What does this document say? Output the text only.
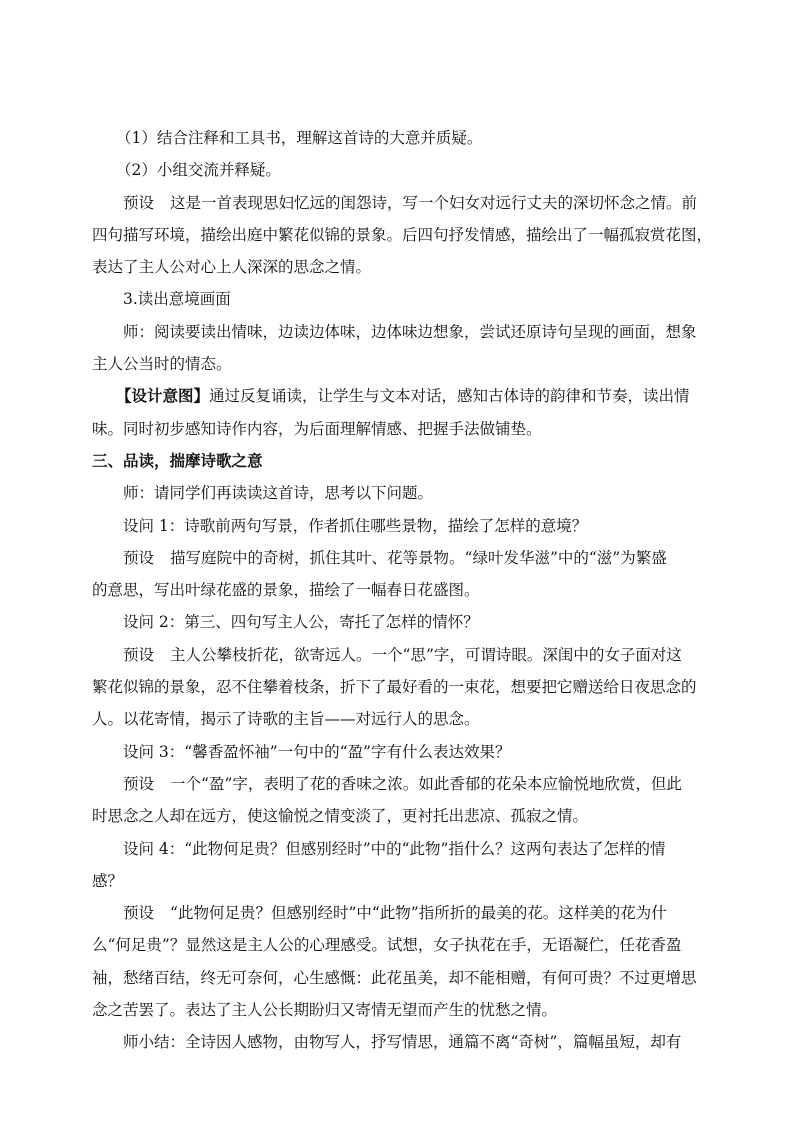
（1）结合注释和工具书，理解这首诗的大意并质疑。

（2）小组交流并释疑。

预设 这是一首表现思妇忆远的闺怨诗，写一个妇女对远行丈夫的深切怀念之情。前

四句描写环境，描绘出庭中繁花似锦的景象。后四句抒发情感，描绘出了一幅孤寂赏花图，

表达了主人公对心上人深深的思念之情。

3.读出意境画面

师：阅读要读出情味，边读边体味，边体味边想象，尝试还原诗句呈现的画面，想象

主人公当时的情态。

【设计意图】通过反复诵读，让学生与文本对话，感知古体诗的韵律和节奏，读出情

味。同时初步感知诗作内容，为后面理解情感、把握手法做铺垫。

三、品读，揣摩诗歌之意

师：请同学们再读读这首诗，思考以下问题。

设问 1：诗歌前两句写景，作者抓住哪些景物，描绘了怎样的意境？

预设 描写庭院中的奇树，抓住其叶、花等景物。“绿叶发华滋”中的“滋”为繁盛

的意思，写出叶绿花盛的景象，描绘了一幅春日花盛图。

设问 2：第三、四句写主人公，寄托了怎样的情怀？

预设 主人公攀枝折花，欲寄远人。一个“思”字，可谓诗眼。深闺中的女子面对这

繁花似锦的景象，忍不住攀着枝条，折下了最好看的一束花，想要把它赠送给日夜思念的

人。以花寄情，揭示了诗歌的主旨——对远行人的思念。

设问 3：“馨香盈怀袖”一句中的“盈”字有什么表达效果？

预设 一个“盈”字，表明了花的香味之浓。如此香郁的花朵本应愉悦地欣赏，但此

时思念之人却在远方，使这愉悦之情变淡了，更衬托出悲凉、孤寂之情。

设问 4：“此物何足贵？但感别经时”中的“此物”指什么？这两句表达了怎样的情

感？

预设 “此物何足贵？但感别经时”中“此物”指所折的最美的花。这样美的花为什

么“何足贵”？显然这是主人公的心理感受。试想，女子执花在手，无语凝伫，任花香盈

袖，愁绪百结，终无可奈何，心生感慨：此花虽美，却不能相赠，有何可贵？不过更增思

念之苦罢了。表达了主人公长期盼归又寄情无望而产生的忧愁之情。

师小结：全诗因人感物，由物写人，抒写情思，通篇不离“奇树”，篇幅虽短，却有
